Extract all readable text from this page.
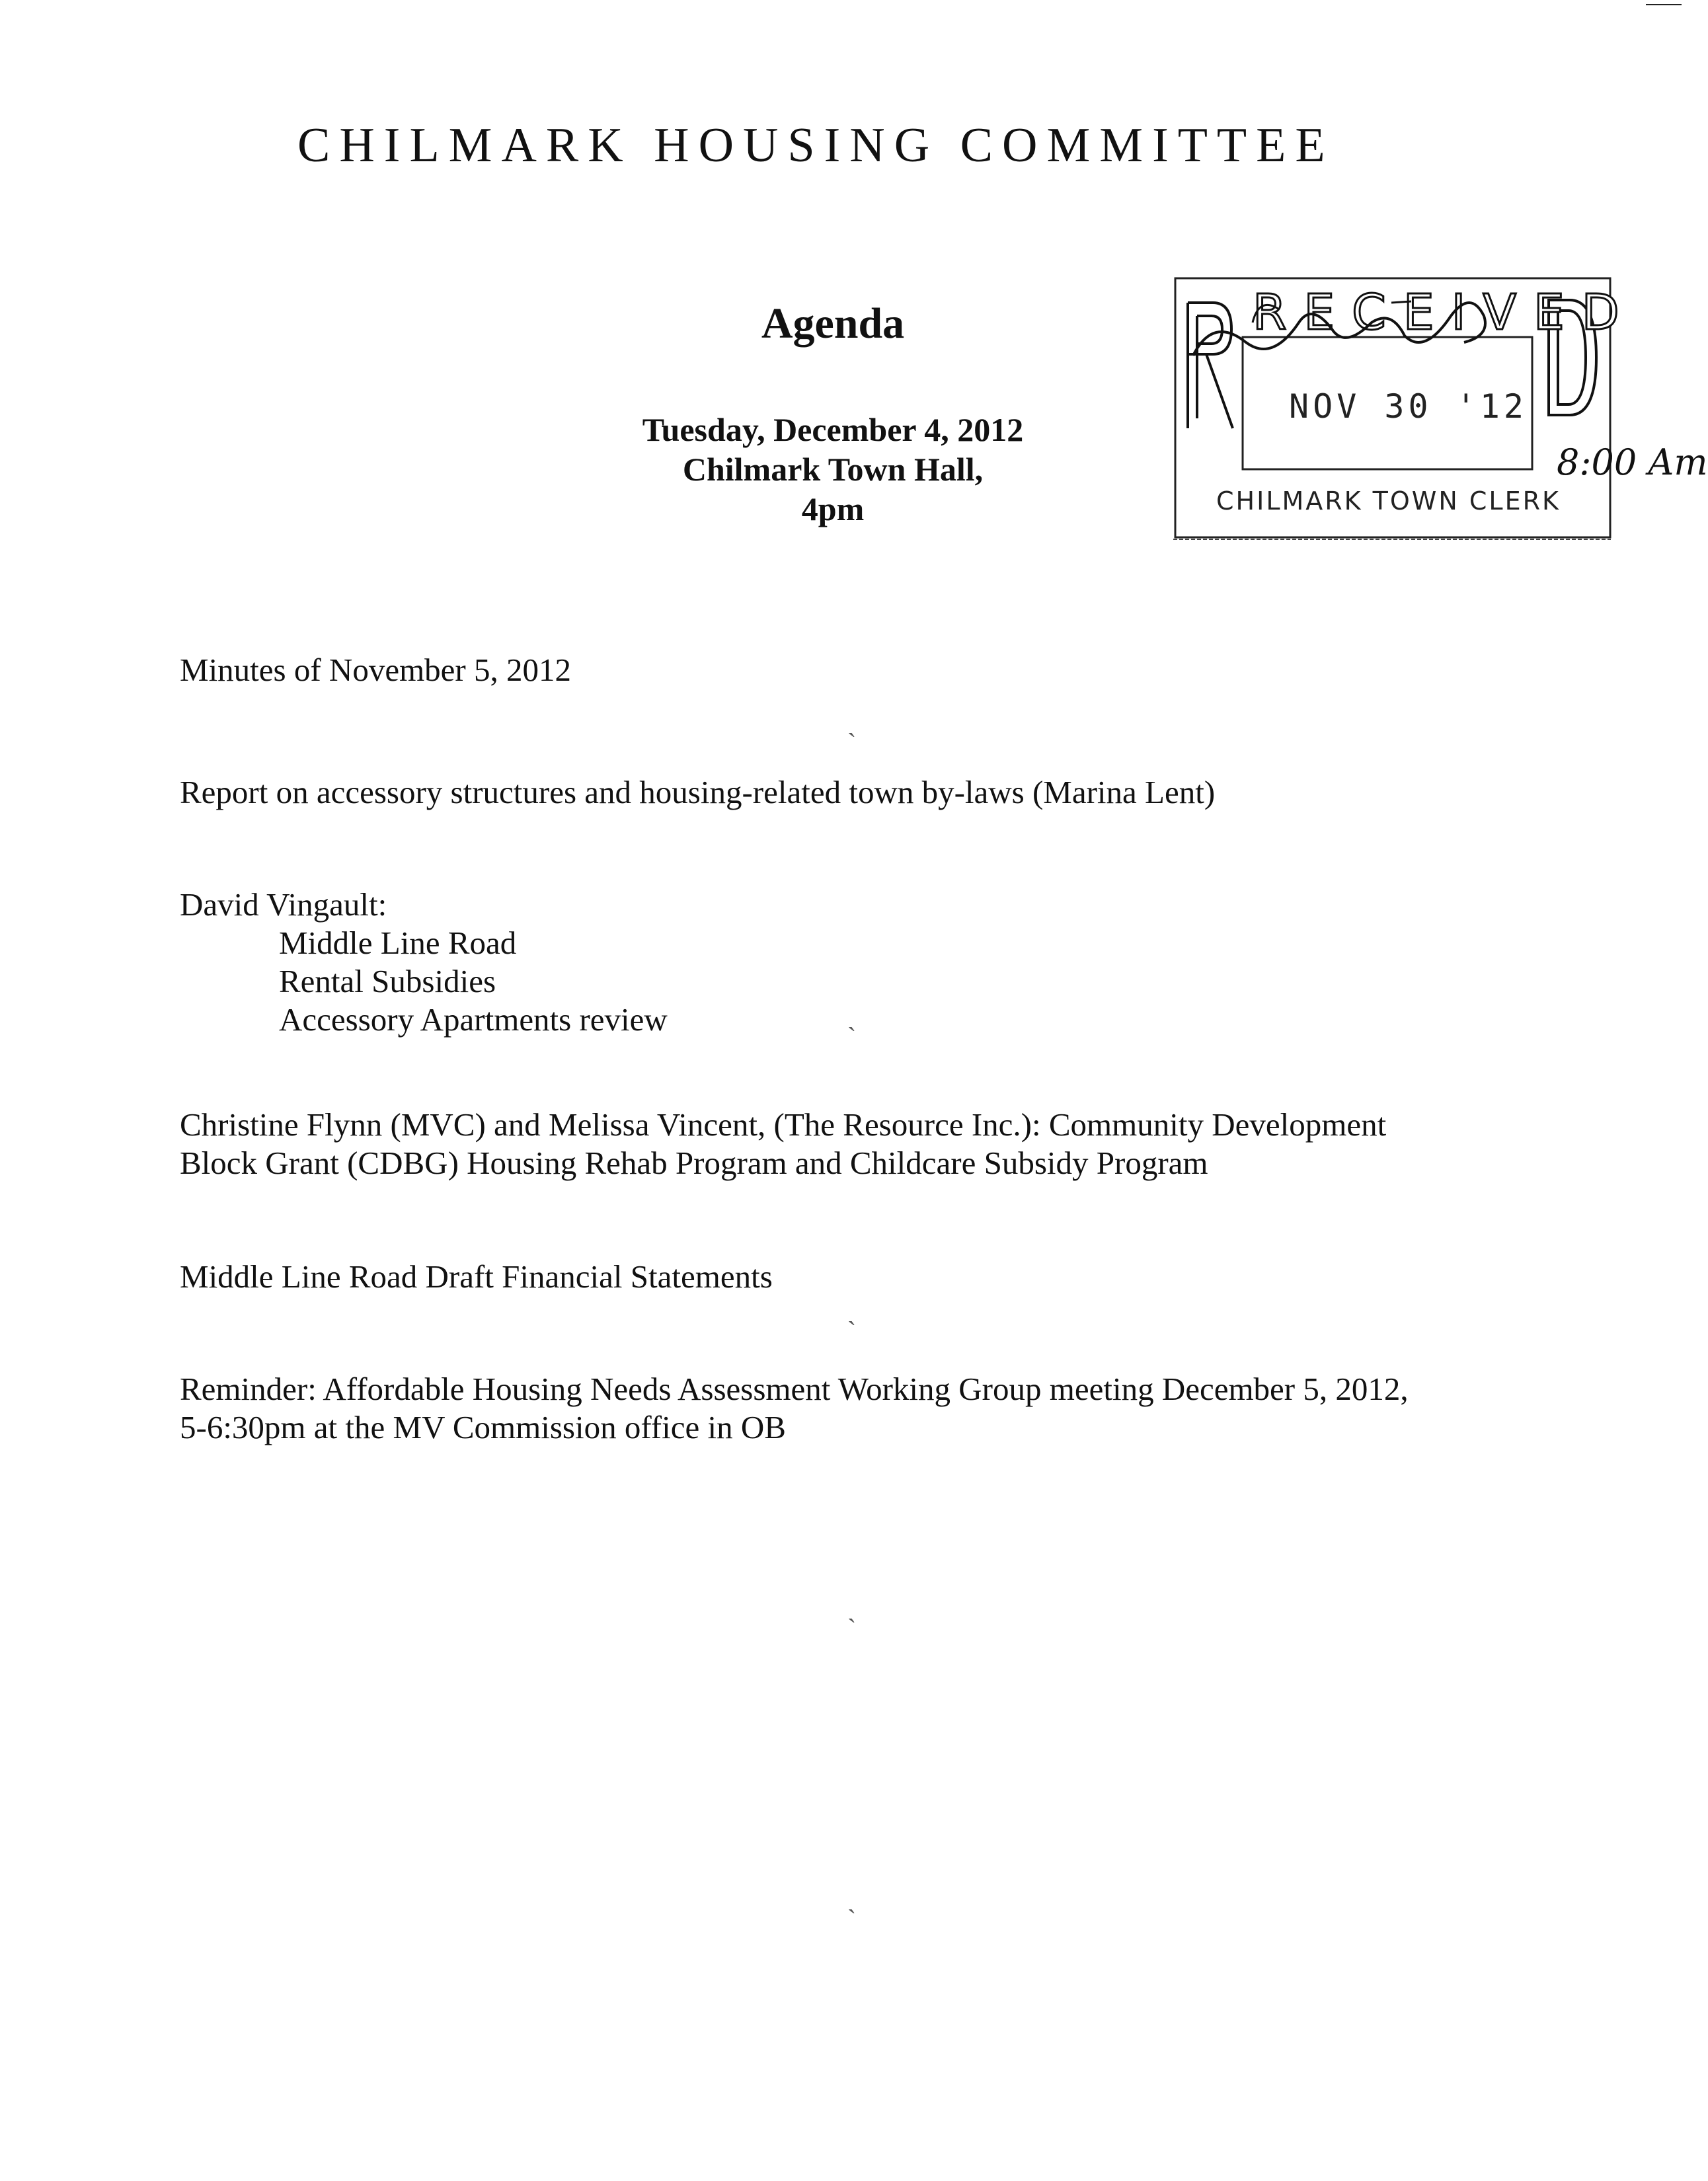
CHILMARK HOUSING COMMITTEE
Agenda
Tuesday, December 4, 2012
Chilmark Town Hall,
4pm
RECEIVED
NOV 30 '12
CHILMARK TOWN CLERK
8:00 Am
Minutes of November 5, 2012
Report on accessory structures and housing-related town by-laws (Marina Lent)
David Vingault:
Middle Line Road
Rental Subsidies
Accessory Apartments review
Christine Flynn (MVC) and Melissa Vincent, (The Resource Inc.): Community Development
Block Grant (CDBG) Housing Rehab Program and Childcare Subsidy Program
Middle Line Road Draft Financial Statements
Reminder: Affordable Housing Needs Assessment Working Group meeting December 5, 2012,
5-6:30pm at the MV Commission office in OB
`
`
`
`
`
